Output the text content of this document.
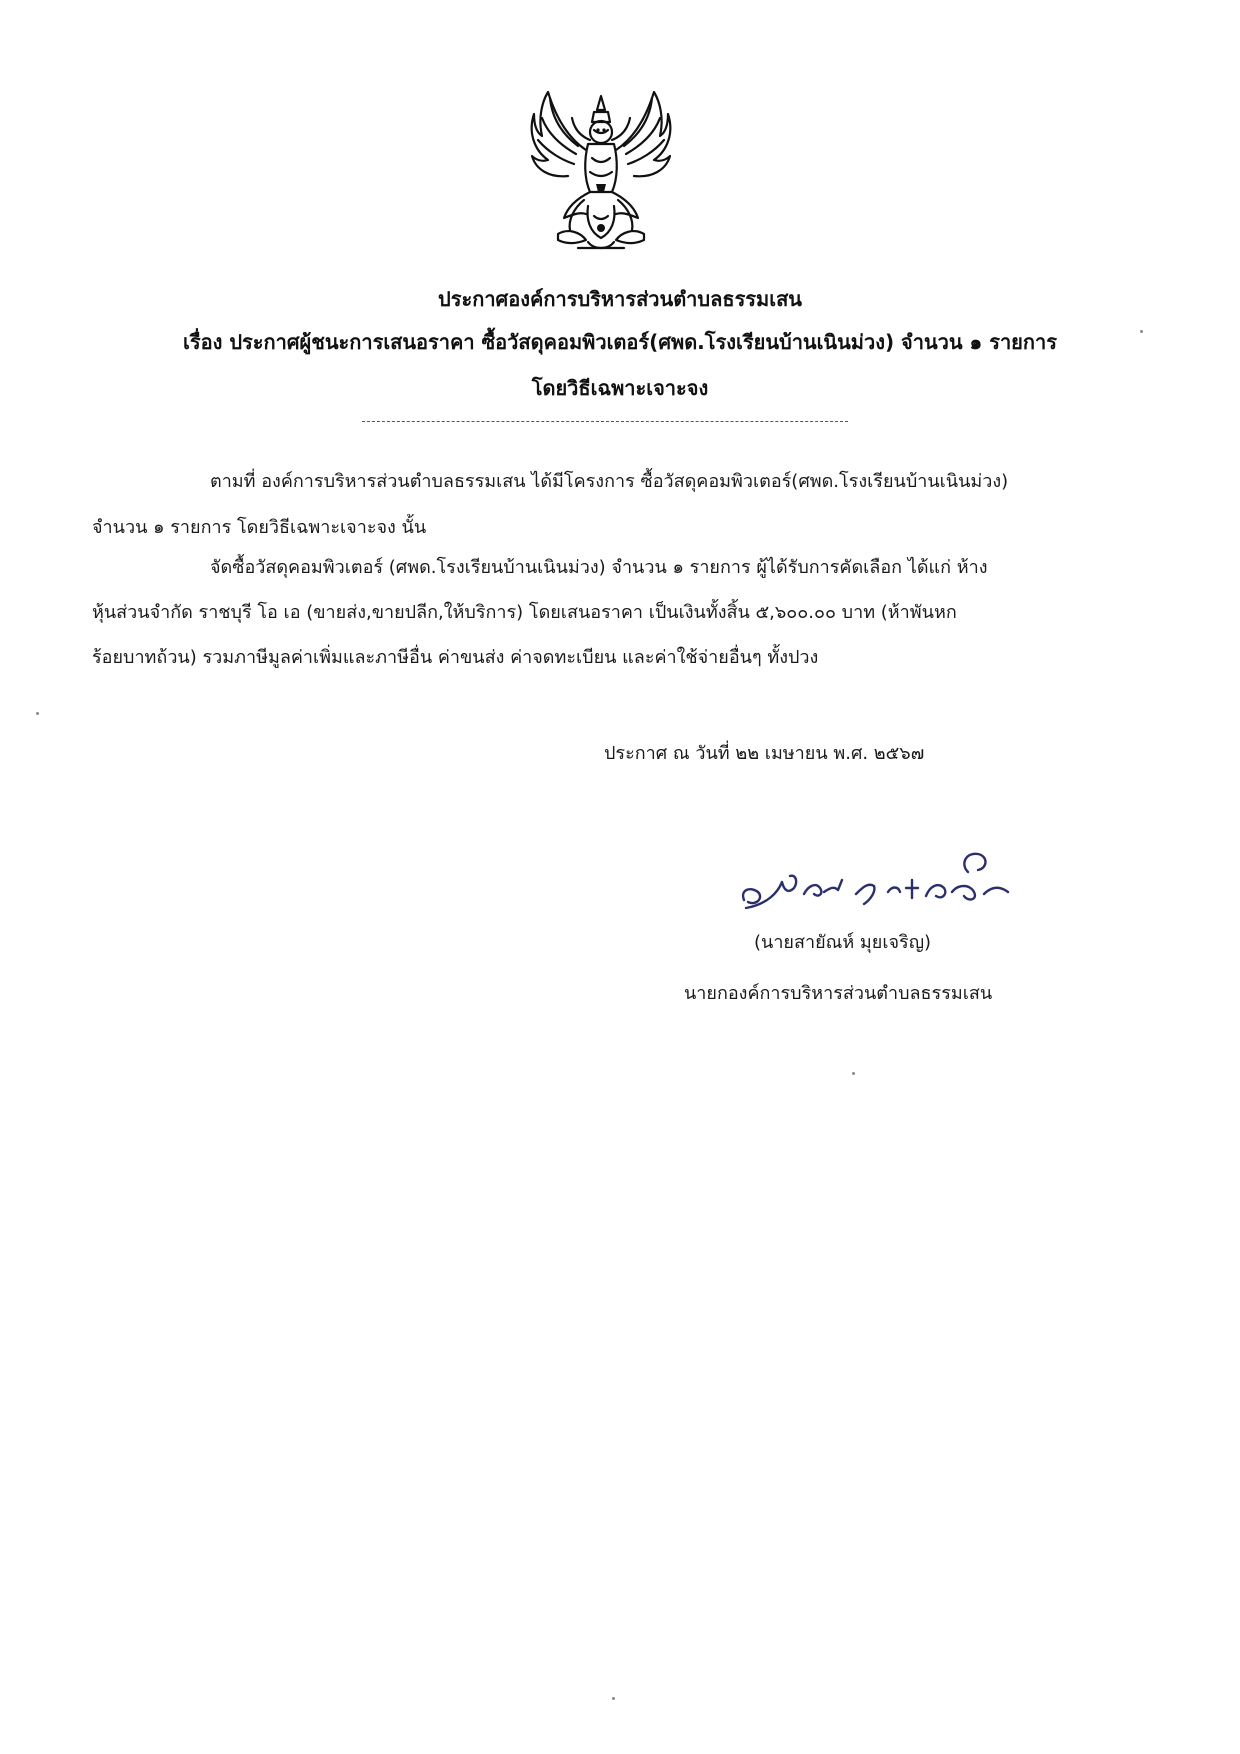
ประกาศองค์การบริหารส่วนตำบลธรรมเสน
เรื่อง ประกาศผู้ชนะการเสนอราคา ซื้อวัสดุคอมพิวเตอร์(ศพด.โรงเรียนบ้านเนินม่วง) จำนวน ๑ รายการ
โดยวิธีเฉพาะเจาะจง
ตามที่ องค์การบริหารส่วนตำบลธรรมเสน ได้มีโครงการ ซื้อวัสดุคอมพิวเตอร์(ศพด.โรงเรียนบ้านเนินม่วง)
จำนวน ๑ รายการ โดยวิธีเฉพาะเจาะจง นั้น
จัดซื้อวัสดุคอมพิวเตอร์ (ศพด.โรงเรียนบ้านเนินม่วง) จำนวน ๑ รายการ ผู้ได้รับการคัดเลือก ได้แก่ ห้าง
หุ้นส่วนจำกัด ราชบุรี โอ เอ (ขายส่ง,ขายปลีก,ให้บริการ) โดยเสนอราคา เป็นเงินทั้งสิ้น ๕,๖๐๐.๐๐ บาท (ห้าพันหก
ร้อยบาทถ้วน) รวมภาษีมูลค่าเพิ่มและภาษีอื่น ค่าขนส่ง ค่าจดทะเบียน และค่าใช้จ่ายอื่นๆ ทั้งปวง
ประกาศ ณ วันที่ ๒๒ เมษายน พ.ศ. ๒๕๖๗
(นายสายัณห์ มุยเจริญ)
นายกองค์การบริหารส่วนตำบลธรรมเสน
